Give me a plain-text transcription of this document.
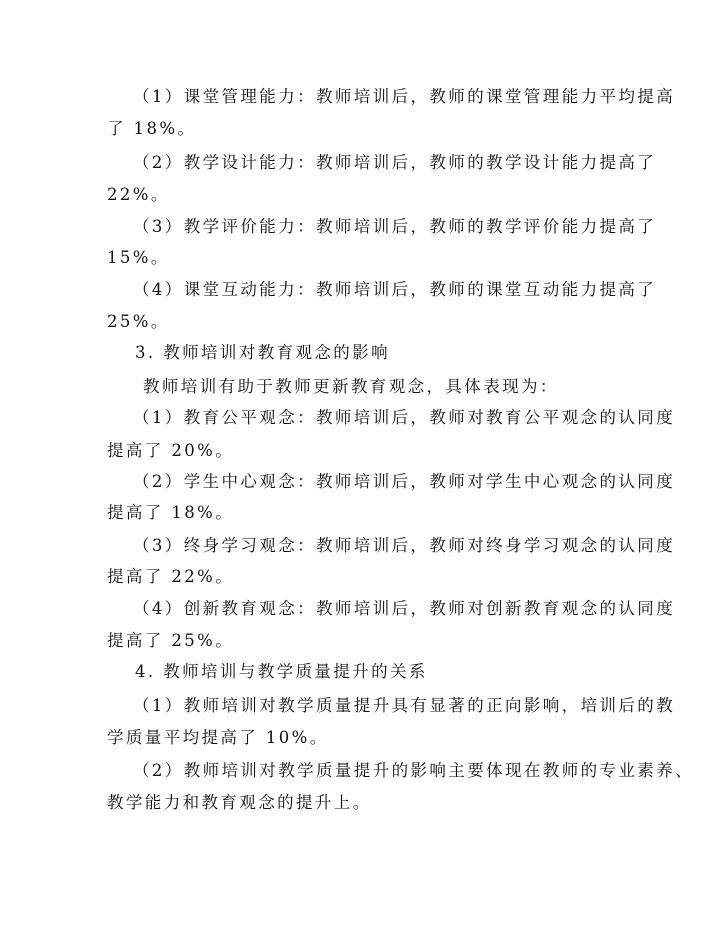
（1）课堂管理能力：教师培训后，教师的课堂管理能力平均提高
了 18%。
（2）教学设计能力：教师培训后，教师的教学设计能力提高了
22%。
（3）教学评价能力：教师培训后，教师的教学评价能力提高了
15%。
（4）课堂互动能力：教师培训后，教师的课堂互动能力提高了
25%。
3. 教师培训对教育观念的影响
教师培训有助于教师更新教育观念，具体表现为：
（1）教育公平观念：教师培训后，教师对教育公平观念的认同度
提高了 20%。
（2）学生中心观念：教师培训后，教师对学生中心观念的认同度
提高了 18%。
（3）终身学习观念：教师培训后，教师对终身学习观念的认同度
提高了 22%。
（4）创新教育观念：教师培训后，教师对创新教育观念的认同度
提高了 25%。
4. 教师培训与教学质量提升的关系
（1）教师培训对教学质量提升具有显著的正向影响，培训后的教
学质量平均提高了 10%。
（2）教师培训对教学质量提升的影响主要体现在教师的专业素养、
教学能力和教育观念的提升上。
